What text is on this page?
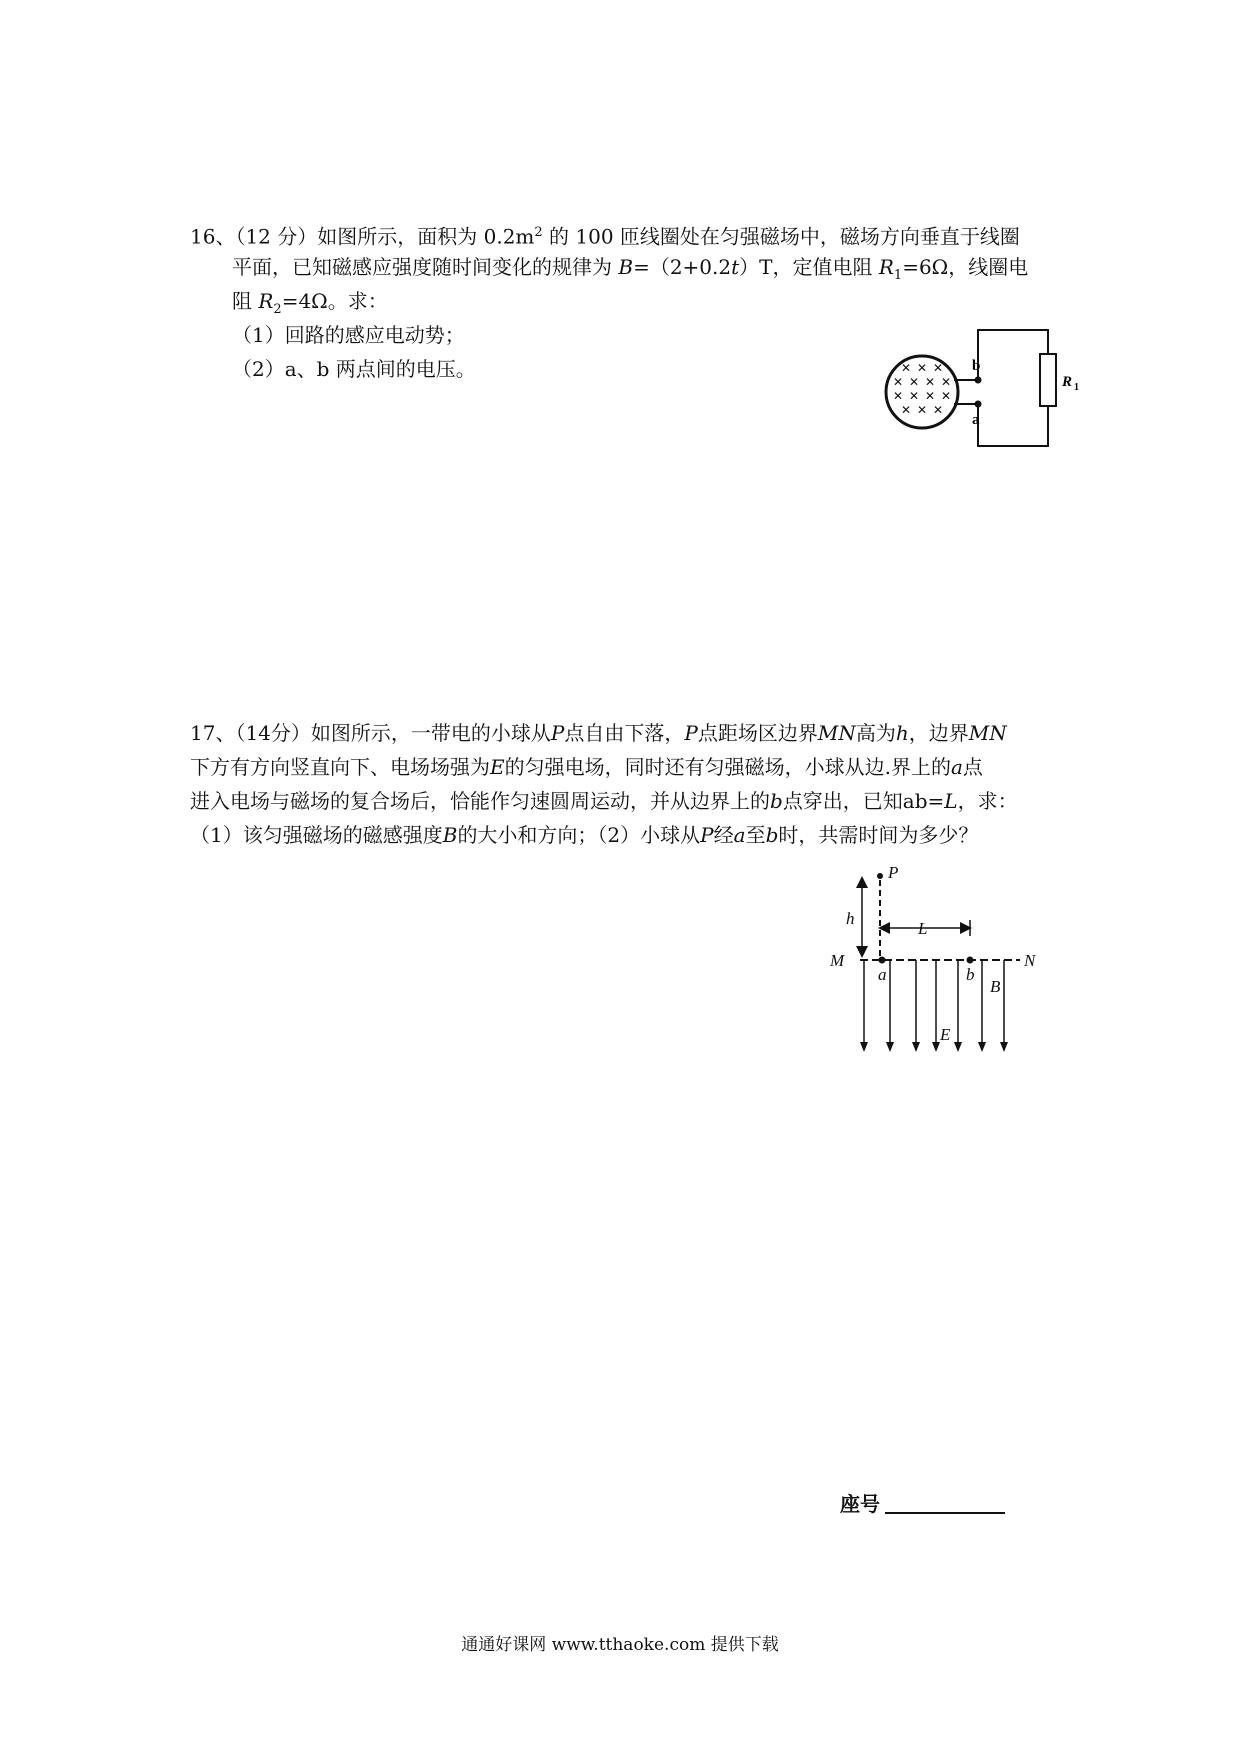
16、（12 分）如图所示，面积为 $0.2m^2$ 的 100 匝线圈处在匀强磁场中，磁场方向垂直于线圈
平面，已知磁感应强度随时间变化的规律为 B=（2+0.2t）T，定值电阻 $R_1=6\Omega$，线圈电
阻 $R_2=4\Omega$。求：
（1）回路的感应电动势；
（2）a、b 两点间的电压。	✕ ✕ ✕
✕ ✕ ✕ ✕
✕ ✕ ✕ ✕
✕ ✕ ✕
b
a
R 1
17、（14分）如图所示，一带电的小球从P点自由下落，P点距场区边界MN高为h，边界MN
下方有方向竖直向下、电场场强为E的匀强电场，同时还有匀强磁场，小球从边.界上的a点
进入电场与磁场的复合场后，恰能作匀速圆周运动，并从边界上的b点穿出，已知ab=L，求：
（1）该匀强磁场的磁感强度B的大小和方向；（2）小球从P经a至b时，共需时间为多少？
P
h
L
M	N
a	b
B
E
座号
通通好课网 www.tthaoke.com 提供下载
